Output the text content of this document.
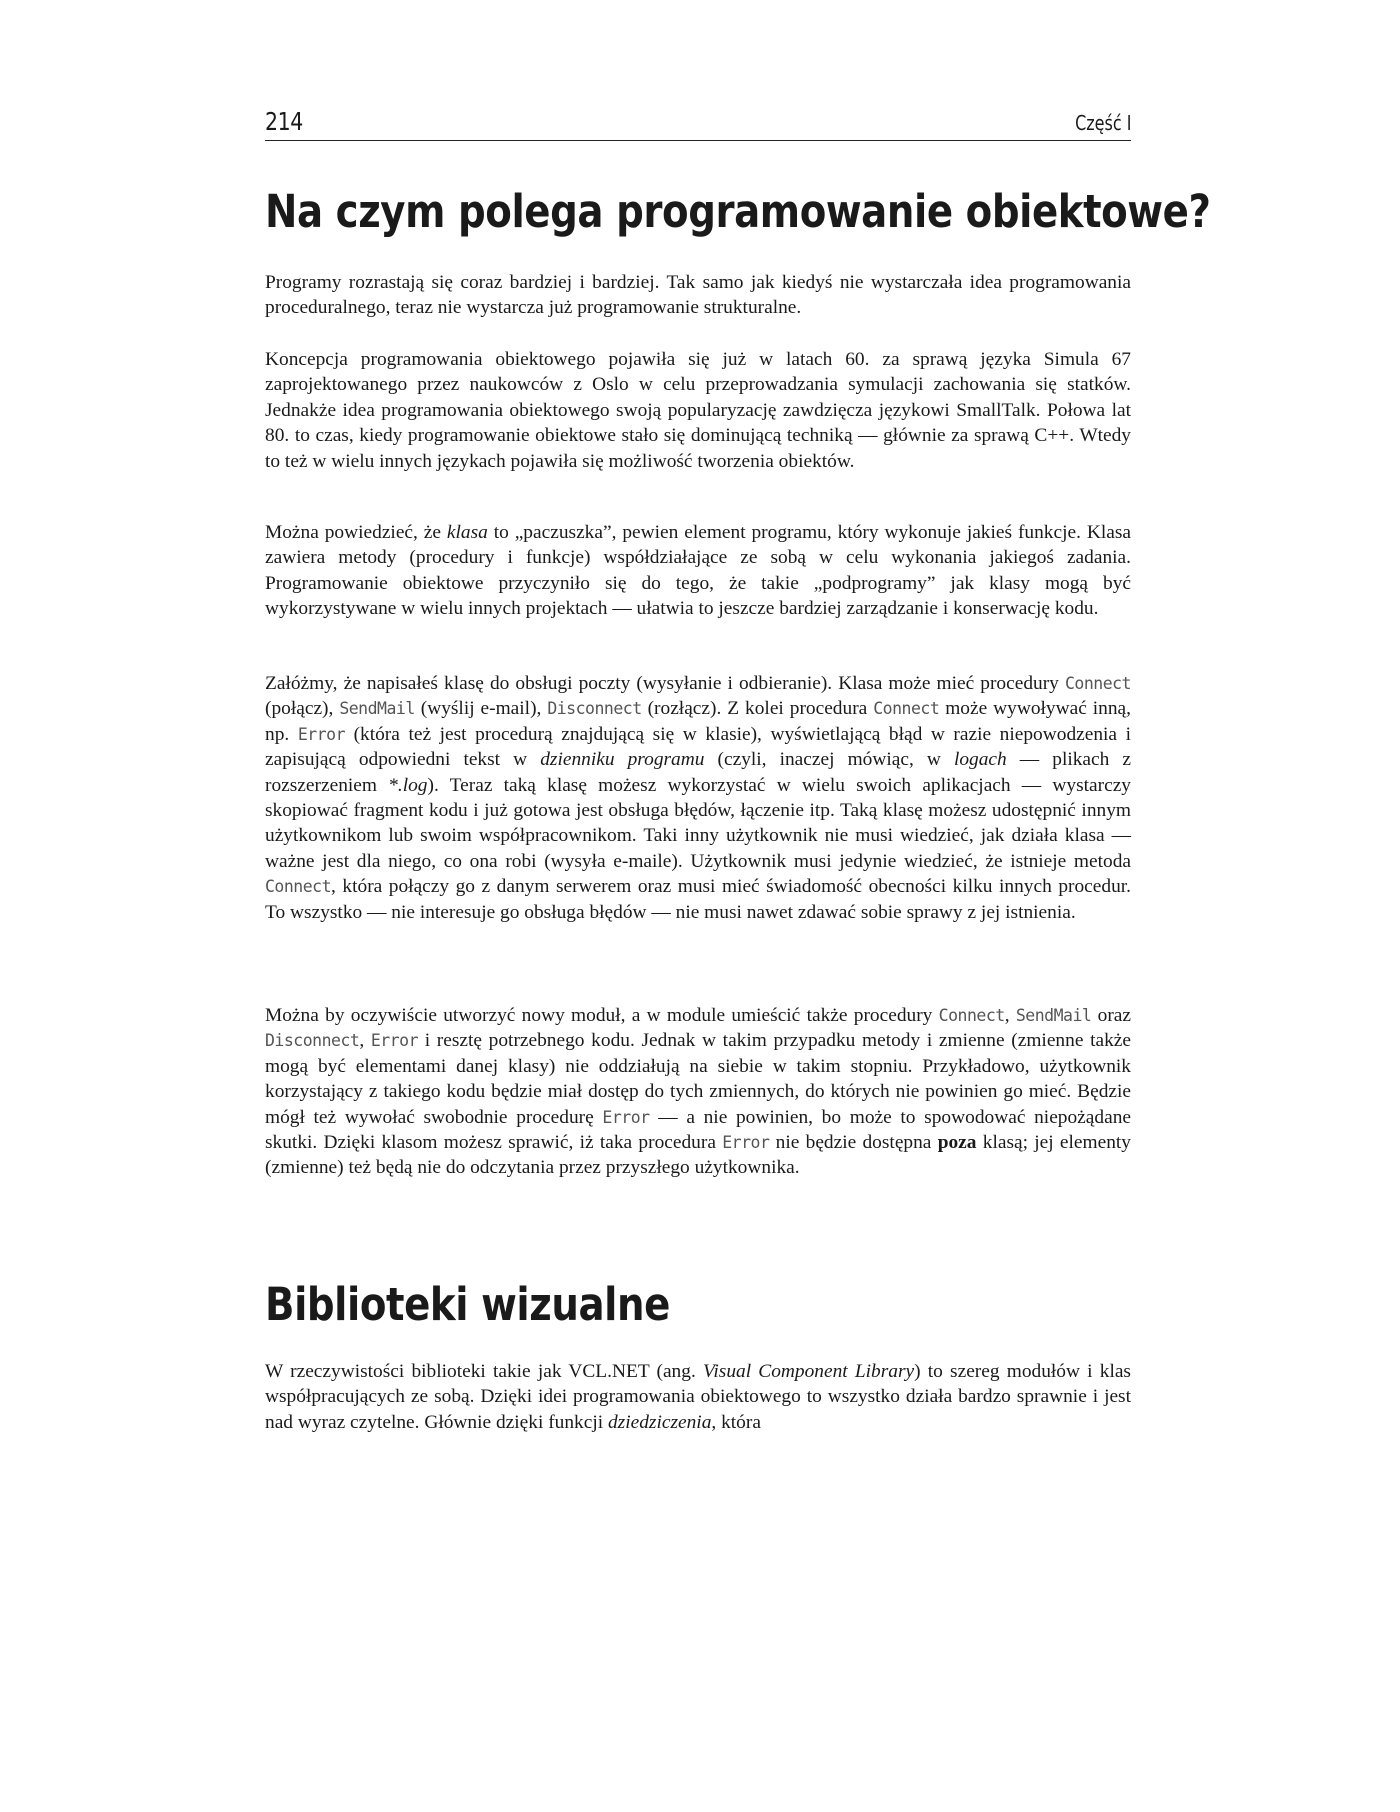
214	Część I
Na czym polega programowanie obiektowe?

Programy rozrastają się coraz bardziej i bardziej. Tak samo jak kiedyś nie wystarczała idea programowania proceduralnego, teraz nie wystarcza już programowanie strukturalne.

Koncepcja programowania obiektowego pojawiła się już w latach 60. za sprawą języka Simula 67 zaprojektowanego przez naukowców z Oslo w celu przeprowadzania symulacji zachowania się statków. Jednakże idea programowania obiektowego swoją popularyzację zawdzięcza językowi SmallTalk. Połowa lat 80. to czas, kiedy programowanie obiektowe stało się dominującą techniką — głównie za sprawą C++. Wtedy to też w wielu innych językach pojawiła się możliwość tworzenia obiektów.

Można powiedzieć, że klasa to „paczuszka”, pewien element programu, który wykonuje jakieś funkcje. Klasa zawiera metody (procedury i funkcje) współdziałające ze sobą w celu wykonania jakiegoś zadania. Programowanie obiektowe przyczyniło się do tego, że takie „podprogramy” jak klasy mogą być wykorzystywane w wielu innych projektach — ułatwia to jeszcze bardziej zarządzanie i konserwację kodu.

Załóżmy, że napisałeś klasę do obsługi poczty (wysyłanie i odbieranie). Klasa może mieć procedury Connect (połącz), SendMail (wyślij e-mail), Disconnect (rozłącz). Z kolei procedura Connect może wywoływać inną, np. Error (która też jest procedurą znajdującą się w klasie), wyświetlającą błąd w razie niepowodzenia i zapisującą odpowiedni tekst w dzienniku programu (czyli, inaczej mówiąc, w logach — plikach z rozszerzeniem *.log). Teraz taką klasę możesz wykorzystać w wielu swoich aplikacjach — wystarczy skopiować fragment kodu i już gotowa jest obsługa błędów, łączenie itp. Taką klasę możesz udostępnić innym użytkownikom lub swoim współpracownikom. Taki inny użytkownik nie musi wiedzieć, jak działa klasa — ważne jest dla niego, co ona robi (wysyła e-maile). Użytkownik musi jedynie wiedzieć, że istnieje metoda Connect, która połączy go z danym serwerem oraz musi mieć świadomość obecności kilku innych procedur. To wszystko — nie interesuje go obsługa błędów — nie musi nawet zdawać sobie sprawy z jej istnienia.

Można by oczywiście utworzyć nowy moduł, a w module umieścić także procedury Connect, SendMail oraz Disconnect, Error i resztę potrzebnego kodu. Jednak w takim przypadku metody i zmienne (zmienne także mogą być elementami danej klasy) nie oddziałują na siebie w takim stopniu. Przykładowo, użytkownik korzystający z takiego kodu będzie miał dostęp do tych zmiennych, do których nie powinien go mieć. Będzie mógł też wywołać swobodnie procedurę Error — a nie powinien, bo może to spowodować niepożądane skutki. Dzięki klasom możesz sprawić, iż taka procedura Error nie będzie dostępna poza klasą; jej elementy (zmienne) też będą nie do odczytania przez przyszłego użytkownika.

Biblioteki wizualne

W rzeczywistości biblioteki takie jak VCL.NET (ang. Visual Component Library) to szereg modułów i klas współpracujących ze sobą. Dzięki idei programowania obiektowego to wszystko działa bardzo sprawnie i jest nad wyraz czytelne. Głównie dzięki funkcji dziedziczenia, która
